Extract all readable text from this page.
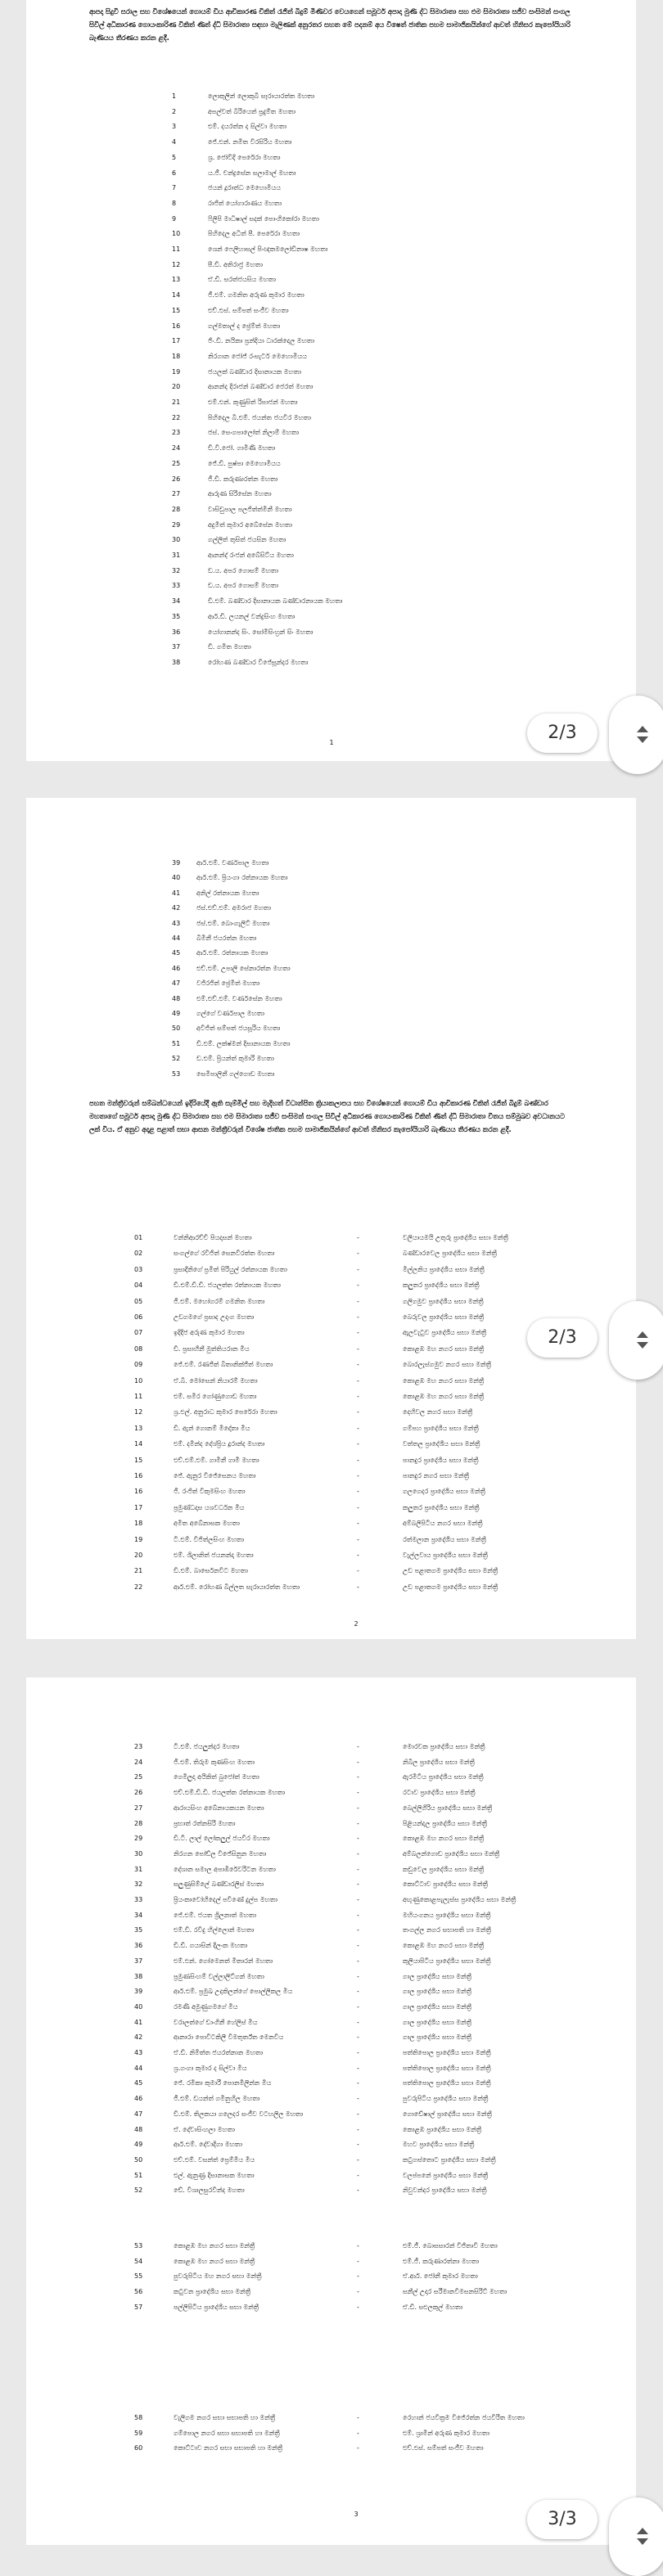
ආපදා සිදුවී සරාල සහ විශේෂයෙන් ගොයම් ඩිය ආචිකාරණ චිකිත් රැජිත් බිදුම් මිණිවර වෙයගෙන් සමූර්ට අපාදා මුණි ද්ධ සිමාරාතා සහ එම සිමාරාතා සජීව සංසිමන් සංගල සිවිල් අධිකාරණ ගොයංකාරිණ විකිත් ණිත් ද්ධි සිමාරාතා සඳහා මැලිණක් අනුරතර සහත මේ පදනම් අය විෂෙත් ජාතික පහම සාමාජිකයින්ගේ ආවත් හිනිසර කැපෝයියාරි බැණියය තීරණය කරන ළදී.

1	ලොකුලින් ලොකුබී සෑරායාරත්ත මහතා
2	අපල්වත් බිරියෙත් ප්‍රදුම්ත මහතා
3	එම්. දයරත්න ද සිල්වා මහතා
4	ජේ.එන්. නමිත විරසිරිය මහතා
5	ශ්‍ර. ජෝවිදි පෙරේරා මහතා
6	ය.ජී. චන්ද්‍රසේන සලාමාල් මහතා
7	ජයන් දූරාත්ධ මෙහොමියය
8	රාජිත් යෝගාරාණය මහතා
9	ෆිලිපි මාධිෂාල් සදක් පොංගිකෝරා මහතා
10	පිහිදෙල අධිත් පී. පෙරේරා මහතා
11	ශෙන් ෆෙලිහාසල් පිංඥකමලෝඩිනාෂ මහතා
12	පී.ඩී. අතිරාජ්‍ර මහතා
13	ඒ.ඩී. සරත්ජයසිය මහතා
14	ජී.එම්. ගමනිත අරුණ කුමාර මහතා
15	එච්.එස්. සම්පත් සංජීව මහතා
16	ගල්මතාල් ද ප්‍රේම්ත් මහතා
17	ජිං.ඩී. නයිකා ප්‍රන්දියා ධාරක්දෙල මහතා
18	නිරගාන ජෝජ් රංසැර්ට මෙහොමියය
19	ජයලක් බණ්ඩාර දිසානායක මහතා
20	ආනන්ද දිරාජන් බණ්ඩාර ජෙරත් මහතා
21	එම්.එන්. කුණුසිත් රිපාජන් මහතා
22	පිහිදෙල බී.එම්. ජයන්ත ජයවීර මහතා
23	ජස්. සෙංගපාලෝත් නිලාම් මහතා
24	ඩී.වී.ජෝ. ගාමිණි මහතා
25	ජේ.ඩී. පුෂ්පා මෙහොමියය
26	ජී.ඩී. කරුණාරත්න මහතා
27	ආරුණ සිරිසේන මහතා
28	වාසිඩුපාල පලජිත්ත්මිනී මහතා
29	අදුමිත් කුමාර අබේසේන මහතා
30	ගල්ලිත් තුසිත් ජයසින මහතා
31	ආනන්ද් රංජන් අබේසිට්ය මහතා
32	ඩ.ය. අපර ගොසම් මහතා
33	ඩ.ය. අපර ගොසම් මහතා
34	ඩී.එම්. බණ්ඩාර දිසානායක බණ්ඩාරනායක මහතා
35	ආර්.ඩී. ලයනල් වන්ද්‍රසිංහ මහතා
36	යෝගානන්ද සිං. සෝමිසිංහ්‍රන් සිං මහතා
37	ඩී. ගමිත මහතා
38	රෝහණ බණ්ඩාර විජේසූන්දර මහතා
1	2/3
39 ආර්.එම්. වර්ණපාල මහතා
40 ආර්.එම්. ප්‍රියංගා රත්නායක මහතා
41 අනිල් රත්නායක මහතා
42 ජස්.එච්.එම්. අමරාජ මහතා
43 ජස්.එම්. බොංගැලිට් මහතා
44 බිමිනී ජයරත්න මහතා
45 ආර්.එම්. රත්නායක මහතා
46 එච්.එම්. උපාලි සේනාරත්න මහතා
47 වජිරජිත් ප්‍රේමිත් මහතා
48 එම්.එච්.එම්. වර්ණසේන මහතා
49 ගල්ගේ වර්ණපාල මහතා
50 අවිජිත් සම්පත් ජයසූරිය මහතා
51 ඩී.එම්. ලක්ෂ්මන් දිසානායක මහතා
52 ඩ.එම්. ප්‍රියන්ත් කුමාරි මහතා
53 සෙමිපාලිනී ගල්ගොඩ මහතා

පහත මන්ත්‍රීවරුන් සම්බන්ධයෙන් ඉදිරියේදී ඇති සැම්මිල් සහ මැදිහත් විධාන්පිත ක්‍රියාකලාපය සහ විශේෂයෙන් ගොයම් ඩිය ආචිකාරණ චිකිත් රැජිත් බිදුම් බණ්ඩාර මහතාගේ සමූර්ට අපාදා මුණි ද්ධ සිමාරාතා සහ එම සිමාරාතා සජීව සංසිමන් සංගල සිවිල් අධිකාරණ ගොයංකාරිණ විකිත් ණිත් ද්ධි සිමාරාතා විතය සම්මුඛව අවධානයට ලක් විය. ඒ අනුව අදාළ පළාත් සභා ආසන මන්ත්‍රීවරුන් විශේෂ ජාතික පහම සාමාජිකයින්ගේ ආවත් හිනිසර කැපෝයියාරි බැණියය තීරණය කරන ළදී.

01	වන්නිආරච්චි පියදාසන් මහතා	-	වලියායමයි උතුරු ප්‍රාදේශීය සභා මන්ත්‍රී
02	සංගල්ගේ රවිජිත් සෙනවිරත්ත මහතා	-	බණ්ඩාරවෙල ප්‍රාදේශීය සභා මන්ත්‍රී
03	ප්‍රසාදීනිගේ ප්‍රමිත් පිරියුල් රත්නායක මහතා	-	මිල්ලනිය ප්‍රාදේශීය සභා මන්ත්‍රී
04	ඩී.එම්.ඩී.ඩී. ජයලත්ත රත්නායක මහතා	-	කලුතර ප්‍රාදේශීය සභා මන්ත්‍රී
05	ජී.එම්. මහෝගරම් ගමනිත මහතා	-	ගලිගමුව ප්‍රාදේශීය සභා මන්ත්‍රී
06	උඩගමගේ ප්‍රසාද උදාංග මහතා	-	බෙරුවල ප්‍රාදේශීය සභා මන්ත්‍රී
07	ඉදිදිජ අරුණ කුමාර මහතා	-	ඇලවැටුව ප්‍රාදේශීය සභා මන්ත්‍රී
08	ඩී. ප්‍රසාහීනී මුත්තියරාන මිය	-	කොළඹ මහ නගර සභා මන්ත්‍රී
09	ජේ.එම්. රණජිත් බිතානික්ජිත් මහතා	-	බොරලැස්ගමුව නගර සභා මන්ත්‍රී
10	ඒ.බී. මෝසෙන් නියාරම් මහතා	-	කොළඹ මහ නගර සභා මන්ත්‍රී
11	එම්. සමීර ගෝණුගොඩ මහතා	-	කොළඹ මහ නගර සභා මන්ත්‍රී
12	ශ්‍ර.එල්. අනුරාධ කුමාර පෙරේරා මහතා	-	දෙහිවල නගර සභා මන්ත්‍රී
13	ඩී. ඇන් ගොනම් මිදෝතා මිය	-	ගම්පහ ප්‍රාදේශීය සභා මන්ත්‍රී
14	එම්. දමින්ද දේශ්ප්‍රිය දූරාන්ද මහතා	-	වත්තල ප්‍රාදේශීය සභා මන්ත්‍රී
15	එච්.එම්.එම්. ගාමිනී ගාමී මහතා	-	පානදුර ප්‍රාදේශීය සභා මන්ත්‍රී
16	ජේ. ඇනුර විජේසෙනය මහතා	-	පානදුර නගර සභා මන්ත්‍රී
16	ජී. රංජිත් විකුමසිංහ මහතා	-	ගලගෙදර ප්‍රාදේශීය සභා මන්ත්‍රී
17	ප්‍රමුණ්ධදාස යශවර්ධන මිය	-	කලුතර ප්‍රාදේශීය සභා මන්ත්‍රී
18	අමිත අබේනාසක මහතා	-	අම්බලිපිටිය නගර සභා මන්ත්‍රී
19	ටී.එම්. විජිත්ලසිංහ මහතා	-	රත්මලාන ප්‍රාදේශීය සභා මන්ත්‍රී
20	එම්. ශිලානිත් ජයනන්දා මහතා	-	වැල්ලවාය ප්‍රාදේශීය සභා මන්ත්‍රී
21	ඩී.එම්. බාර්සෙනවිට මහතා	-	උඩ පළාතගම ප්‍රාදේශීය සභා මන්ත්‍රී
22	ආර්.එම්. රෝහණ බිල්ලත සැරායාරත්ත මහතා	-	උඩ පළාතගම ප්‍රාදේශීය සභා මන්ත්‍රී
2
2/3
23	ටී.එම්. ජයලුන්දර මහතා	-	මොරවක ප්‍රාදේශීය සභා මන්ත්‍රී
24	ජී.එම්. තිරුම කුණසිංහ මහතා	-	නිබිල ප්‍රාදේශීය සභා මන්ත්‍රී
25	ගෙමිල්‍රදා අයිකිත් බුජෝත් මහතා	-	ඇරමිටිය ප්‍රාදේශීය සභා මන්ත්‍රී
26	එච්.එම්.ඩී.ඩී. ජයලත්ත රත්නායක මහතා	-	රටාව ප්‍රාදේශීය සභා මන්ත්‍රී
27	ආරායසිංහ අබේනායකයන මහතා	-	බෙල්ලිගිරිය ප්‍රාදේශීය සභා මන්ත්‍රී
28	ප්‍රභාත් රත්නසිරි මහතා	-	පිළියන්දල ප්‍රාදේශීය සභා මන්ත්‍රී
29	ඩී.ටී. ලාල් ලෝකලුල් ජයවීර මහතා	-	කොළඹ මහ නගර සභා මන්ත්‍රී
30	නිරගන පෝඩ්ල විජේසිනුන මහතා	-	අම්බලන්ගොඩ ප්‍රාදේශීය සභා මන්ත්‍රී
31	දේශාන සමාල අපාඹිරේවරිටන මහතා	-	කඩුවෙල ප්‍රාදේශීය සභා මන්ත්‍රී
32	සලුණුසිම්ලේ බණ්ඩාරලිස් මහතා	-	කොට්ටාව ප්‍රාදේශීය සභා මන්ත්‍රී
33	ප්‍රියංකාවෝහිදෙල් පවිණේ දුල්ප මහතා	-	අඟුණුකොළපැලැස්ස ප්‍රාදේශීය සභා මන්ත්‍රී
34	ජේ.එම්. ජයත ශ්‍රිලනාත් මහතා	-	මහියංගනය ප්‍රාදේශීය සභා මන්ත්‍රී
35	එම්.ඩී. රවිදු හිල්ලොන් මහතා	-	තංගල්ල නගර සභාපති හා මන්ත්‍රී
36	ඩී.ඩී. ගයාසින් දිලංක මහතා	-	කොළඹ මහ නගර සභා මන්ත්‍රී
37	එම්.එන්. ගෝමෙනත් මිතාරන් මහතා	-	කුලියාපිටිය ප්‍රාදේශීය සභා මන්ත්‍රී
38	ප්‍රමුණසිංහම් වල්ලාලිට්ගන් මහතා	-	ගාල ප්‍රාදේශීය සභා මන්ත්‍රී
39	ආර්.එම්. ප්‍රමුඛ උදකිලන්ගේ පොල්ලිකල මිය	-	ගාල ප්‍රාදේශීය සභා මන්ත්‍රී
40	රමණී අමුණුගමගේ මිය	-	ගාල ප්‍රාදේශීය සභා මන්ත්‍රී
41	වරාලත්ගේ ඩාංගිනී හේලිස් මිය	-	ගාල ප්‍රාදේශීය සභා මන්ත්‍රී
42	ආනාරා පොවිටකිලී විමතුර්ත්ත මෙනවිය	-	ගාල ප්‍රාදේශීය සභා මන්ත්‍රී
43	ඒ.ඩී. නිමිත්ත ජයරත්නාන මහතා	-	පත්තිපොල ප්‍රාදේශීය සභා මන්ත්‍රී
44	ශ්‍ර.ගංගා කුමාර ද සිල්වා මිය	-	පත්තිපොල ප්‍රාදේශීය සභා මන්ත්‍රී
45	ජේ. රමිකා කුමාරී පොනමිලින්න මිය	-	පත්තිපොල ප්‍රාදේශීය සභා මන්ත්‍රී
46	ජී.එම්. ඩයන්ත් ගමිනුහිල මහතා	-	පුවරුපිටිය ප්‍රාදේශීය සභා මන්ත්‍රී
47	ඩී.එම්. තිලකයා ගලෙදර සංජීව වටහලිල මහතා	-	ගොඩේෂාල් ප්‍රාදේශීය සභා මන්ත්‍රී
48	ඒ. දේවාසිංහලා මහතා	-	කොළඹ ප්‍රාදේශීය සභා මන්ත්‍රී
49	ආර්.එම්. දේවාදිගා මහතා	-	මහව ප්‍රාදේශීය සභා මන්ත්‍රී
50	එච්.එම්. වසන්ත් ප්‍රෙම්මිය මිය	-	කටුගස්තොට ප්‍රාදේශීය සභා මන්ත්‍රී
51	එල්. ඇනුණ්‍ර දිසානාසක මහතා	-	වලප්පනේ ප්‍රාදේශීය සභා මන්ත්‍රී
52	ඩේ. විශාලසුරවින්ද මහතා	-	නිවුවන්දර ප්‍රාදේශීය සභා මන්ත්‍රී
53	කොළඹ මහ නගර සභා මන්ත්‍රී	-	එම්.ජී. බොසසාරන් විජිතාවි මහතා
54	කොළඹ මහ නගර සභා මන්ත්‍රී	-	එම්.ජී. කරුණාරත්නා මහතා
55	පුවරුපිටිය මහ නගර සභා මන්ත්‍රී	-	ඒ.ආර්. ජෝනී කුමාර මහතා
56	කටුවන ප්‍රාදේශීය සභා මන්ත්‍රී	-	සනීල් උදාර සරීමානවිමසනසිරිට් මහතා
57	පල්ලිපිටිය ප්‍රාදේශීය සභා මන්ත්‍රී	-	ඒ.ඩී. සළුලකුල් මහතා
58	වැලිගම නගර සභා සභාපති හා මන්ත්‍රී	-	රෙහාන් ජයවික්‍රම විජේරත්න ජයවිරිත මහතා
59	ගම්පොල නගර සභා සභාපති හා මන්ත්‍රී	-	එම්. ශ්‍රාමින් අරුණ කුමාර මහතා
60	කොට්ටාව නගර සභා සභාපති හා මන්ත්‍රී	-	එච්.එස්. සම්පත් සංජීව මහතා
3	3/3
